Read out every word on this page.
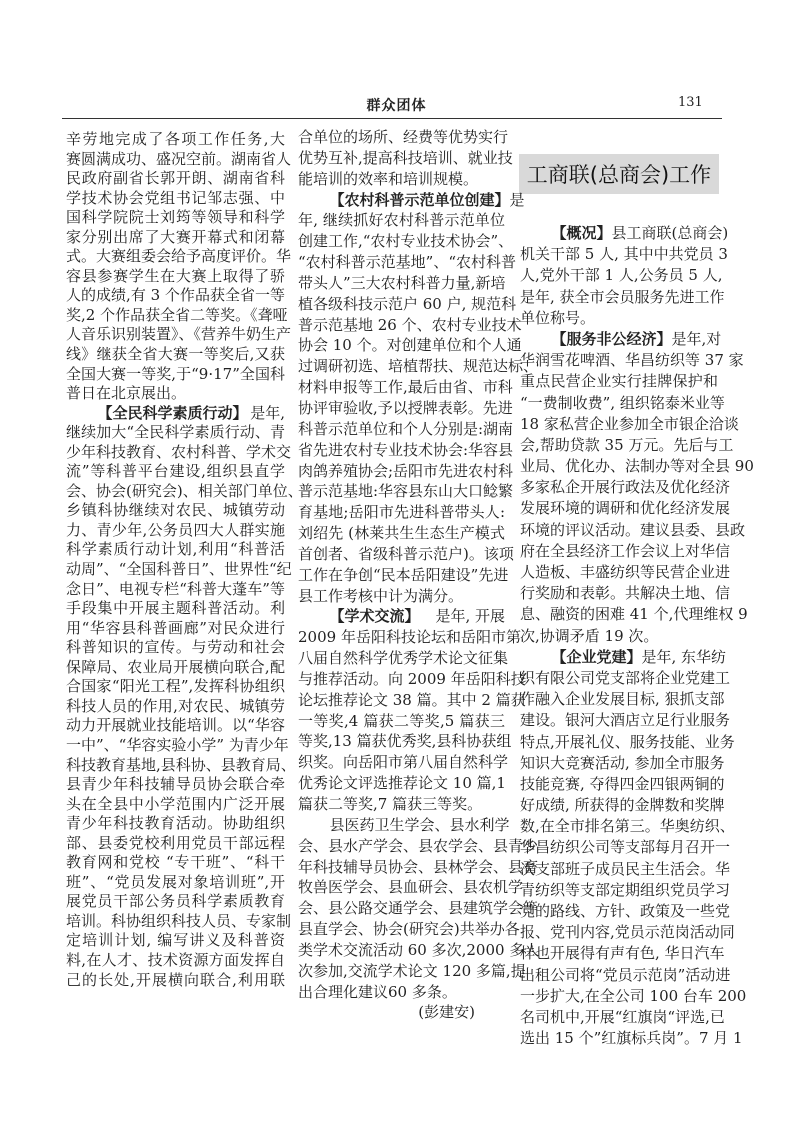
群众团体	131
工商联(总商会)工作
辛劳地完成了各项工作任务,大
赛圆满成功、盛况空前。湖南省人
民政府副省长郭开朗、湖南省科
学技术协会党组书记邹志强、中
国科学院院士刘筠等领导和科学
家分别出席了大赛开幕式和闭幕
式。大赛组委会给予高度评价。华
容县参赛学生在大赛上取得了骄
人的成绩,有 3 个作品获全省一等
奖,2 个作品获全省二等奖。《聋哑
人音乐识别装置》、《营养牛奶生产
线》继获全省大赛一等奖后,又获
全国大赛一等奖,于“9·17”全国科
普日在北京展出。
【全民科学素质行动】 是年,
继续加大“全民科学素质行动、青
少年科技教育、农村科普、学术交
流”等科普平台建设,组织县直学
会、协会(研究会)、相关部门单位、
乡镇科协继续对农民、城镇劳动
力、青少年,公务员四大人群实施
科学素质行动计划,利用“科普活
动周”、“全国科普日”、世界性“纪
念日”、电视专栏“科普大蓬车”等
手段集中开展主题科普活动。利
用“华容县科普画廊”对民众进行
科普知识的宣传。与劳动和社会
保障局、农业局开展横向联合,配
合国家“阳光工程”,发挥科协组织
科技人员的作用,对农民、城镇劳
动力开展就业技能培训。以“华容
一中”、“华容实验小学” 为青少年
科技教育基地,县科协、县教育局、
县青少年科技辅导员协会联合牵
头在全县中小学范围内广泛开展
青少年科技教育活动。协助组织
部、县委党校利用党员干部远程
教育网和党校 “专干班”、“科干
班”、“党员发展对象培训班”,开
展党员干部公务员科学素质教育
培训。科协组织科技人员、专家制
定培训计划, 编写讲义及科普资
料,在人才、技术资源方面发挥自
己的长处,开展横向联合,利用联
合单位的场所、经费等优势实行
优势互补,提高科技培训、就业技
能培训的效率和培训规模。
【农村科普示范单位创建】 是
年, 继续抓好农村科普示范单位
创建工作,“农村专业技术协会”、
“农村科普示范基地”、“农村科普
带头人”三大农村科普力量,新培
植各级科技示范户 60 户, 规范科
普示范基地 26 个、农村专业技术
协会 10 个。对创建单位和个人通
过调研初选、培植帮扶、规范达标、
材料申报等工作,最后由省、市科
协评审验收,予以授牌表彰。先进
科普示范单位和个人分别是:湖南
省先进农村专业技术协会:华容县
肉鸽养殖协会;岳阳市先进农村科
普示范基地:华容县东山大口鲶繁
育基地;岳阳市先进科普带头人:
刘绍先 (林莱共生生态生产模式
首创者、省级科普示范户)。该项
工作在争创“民本岳阳建设”先进
县工作考核中计为满分。
【学术交流】 是年, 开展
2009 年岳阳科技论坛和岳阳市第
八届自然科学优秀学术论文征集
与推荐活动。向 2009 年岳阳科技
论坛推荐论文 38 篇。其中 2 篇获
一等奖,4 篇获二等奖,5 篇获三
等奖,13 篇获优秀奖,县科协获组
织奖。向岳阳市第八届自然科学
优秀论文评选推荐论文 10 篇,1
篇获二等奖,7 篇获三等奖。
县医药卫生学会、县水利学
会、县水产学会、县农学会、县青少
年科技辅导员协会、县林学会、县畜
牧兽医学会、县血研会、县农机学
会、县公路交通学会、县建筑学会等
县直学会、协会(研究会)共举办各
类学术交流活动 60 多次,2000 多人
次参加,交流学术论文 120 多篇,提
出合理化建议60 多条。
(彭建安)
【概况】 县工商联(总商会)
机关干部 5 人, 其中中共党员 3
人,党外干部 1 人,公务员 5 人,
是年, 获全市会员服务先进工作
单位称号。
【服务非公经济】 是年,对
华润雪花啤酒、华昌纺织等 37 家
重点民营企业实行挂牌保护和
“一费制收费”, 组织铭泰米业等
18 家私营企业参加全市银企洽谈
会,帮助贷款 35 万元。先后与工
业局、优化办、法制办等对全县 90
多家私企开展行政法及优化经济
发展环境的调研和优化经济发展
环境的评议活动。建议县委、县政
府在全县经济工作会议上对华信
人造板、丰盛纺织等民营企业进
行奖励和表彰。共解决土地、信
息、融资的困难 41 个,代理维权 9
次,协调矛盾 19 次。
【企业党建】 是年, 东华纺
织有限公司党支部将企业党建工
作融入企业发展目标, 狠抓支部
建设。银河大酒店立足行业服务
特点,开展礼仪、服务技能、业务
知识大竞赛活动, 参加全市服务
技能竞赛, 夺得四金四银两铜的
好成绩, 所获得的金牌数和奖牌
数,在全市排名第三。华奥纺织、
华昌纺织公司等支部每月召开一
次支部班子成员民主生活会。华
青纺织等支部定期组织党员学习
党的路线、方针、政策及一些党
报、党刊内容,党员示范岗活动同
样也开展得有声有色, 华日汽车
出租公司将“党员示范岗”活动进
一步扩大,在全公司 100 台车 200
名司机中,开展“红旗岗“评选,已
选出 15 个”红旗标兵岗”。7 月 1
